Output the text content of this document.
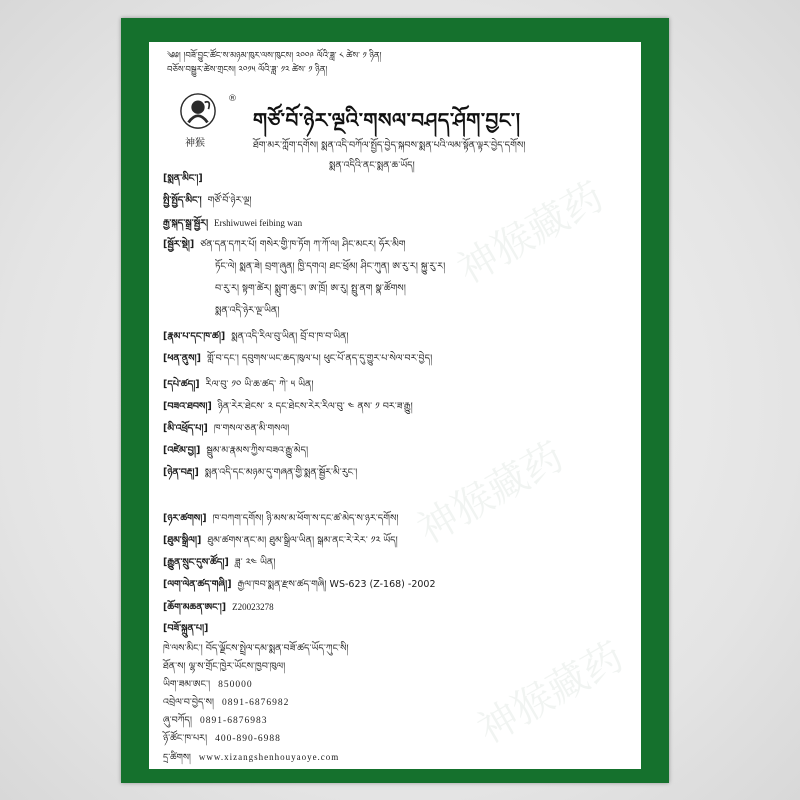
神猴藏药
神猴藏药
神猴藏药
༄༅། །བཟོ་བྱུང་ཚོང་ས་མཉམ་ཁུར་ལས་ཁུངས། ༢༠༠༩ ལོའི་ཟླ་ ༨ ཚེས་ ༡ ཉིན།
བཅོས་བསྒྱུར་ཚེས་གྲངས། ༢༠༡༥ ལོའི་ཟླ་ ༡༢ ཚེས་ ༡ ཉིན།
®
神猴
གཙོ་བོ་ཉེར་ལྔའི་གསལ་བཤད་ཤོག་བྱང་།
ཐོག་མར་ཀློག་དགོས། སྨན་འདི་བཀོལ་སྤྱོད་བྱེད་སྐབས་སྨན་པའི་ལམ་སྟོན་ལྟར་བྱེད་དགོས།
སྨན་འདིའི་ནང་སྨན་ཆ་ཡོད།
[སྨན་མིང་།]
སྤྱི་སྤྱོད་མིང་། གཙོ་བོ་ཉེར་ལྔ།
རྒྱ་སྐད་སྒྲ་སྦྱོར། Ershiwuwei feibing wan
[སྦྱོར་སྡེ།] ཙན་དན་དཀར་པོ། གསེར་གྱི་ཁ་ཏོག ཀ་ཀོ་ལ། ཤིང་མངར། ཧོར་མིག
ཏོང་ལེ། སྨན་ཟེ། བྲག་ཞུན། ཁྱི་དགའ། ཐང་ཕྲོམ། ཤིང་ཀུན། ཨ་རུ་ར། སྐྱུ་རུ་ར།
བ་རུ་ར། སྟག་ཚེར། སྨུག་ཆུང་། ཨ་ཁྲོ། ཨ་རུ། སྤྲུ་ནག སྣ་ཚོགས།
སྨན་འདི་ཉེར་ལྔ་ཡིན།
[རྣམ་པ་དང་ཁ་ཚ།] སྨན་འདི་རིལ་བུ་ཡིན། བྲོ་བ་ཁ་བ་ཡིན།
[ཕན་ནུས།] གློ་བ་དང་། དབུགས་ཡང་ཆད་ཁུལ་པ། ཕུང་པོ་ནད་དུ་གྱུར་པ་སེལ་བར་བྱེད།
[དཔེ་ཚད།] རིལ་བུ་ ༡༠ ཡི་ཆ་ཚད་ ཀེ་ ༥ ཡིན།
[བཟའ་ཐབས།] ཉིན་རེར་ཐེངས་ ༢ དང་ཐེངས་རེར་རིལ་བུ་ ༤ ནས་ ༡ བར་ཟ་རྒྱུ།
[མི་འཕྲོད་པ།] ཁ་གསལ་ཅན་མི་གསལ།
[འཛེམ་བྱ།] སྦྲུམ་མ་རྣམས་ཀྱིས་བཟའ་རྒྱུ་མེད།
[ཉེན་བརྡ།] སྨན་འདི་དང་མཉམ་དུ་གཞན་གྱི་སྨན་སྦྱོར་མི་རུང་།
[ཉར་ཚགས།] ཁ་བཀག་དགོས། ཉི་མས་མ་ཕོག་ས་དང་ཚ་མེད་ས་ཉར་དགོས།
[ཐུམ་སྒྲིལ།] ཐུམ་ཚགས་ནང་མ། ཐུམ་སྒྲིལ་ཡིན། སྒམ་ནང་རེ་རེར་ ༡༢ ཡོད།
[རྒྱུན་སྲུང་དུས་ཚོད།] ཟླ་ ༢༤ ཡིན།
[ལག་ལེན་ཚད་གཞི།] རྒྱལ་ཁབ་སྨན་རྫས་ཚད་གཞི། WS-623 (Z-168) -2002
[ཆོག་མཆན་ཨང་།] Z20023278
[བཟོ་སྐྲུན་པ།]
ཁེ་ལས་མིང་། བོད་ལྗོངས་སྤྲེལ་དམ་སྨན་བཟོ་ཚད་ཡོད་ཀུང་སི།
ཐོན་ས། ལྷ་ས་གྲོང་ཁྱེར་ཡོངས་ཁྱབ་ཁུལ།
ཡིག་ཟམ་ཨང་། 850000
འབྲེལ་བ་བྱེད་ས། 0891-6876982
ཞུ་བཀོད། 0891-6876983
ཉོ་ཚོང་ཁ་པར། 400-890-6988
དྲ་ཚིགས། www.xizangshenhouyaoye.com
